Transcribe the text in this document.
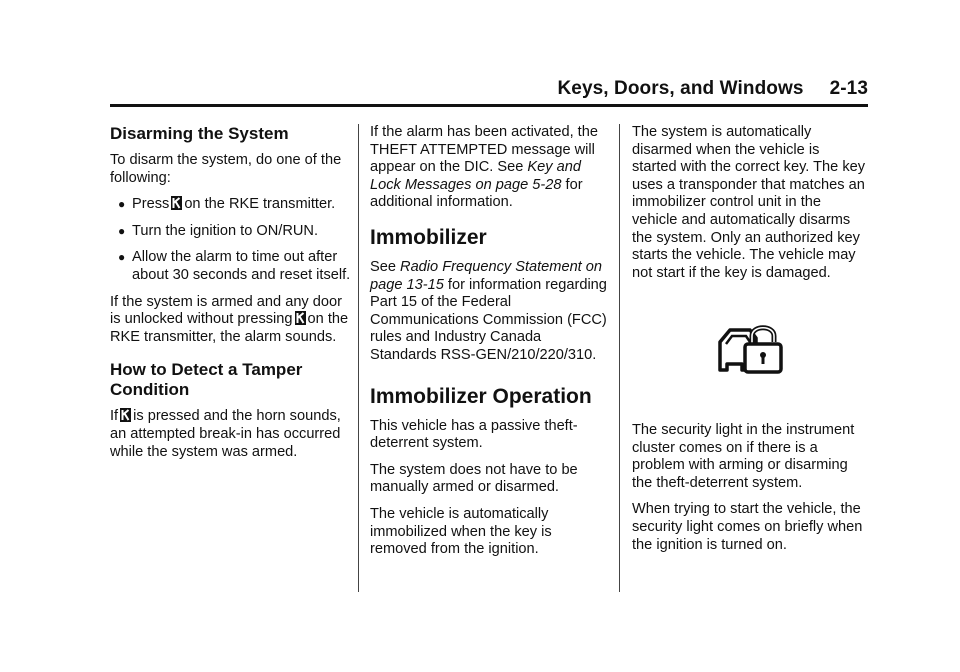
Keys, Doors, and Windows 2-13
Disarming the System

To disarm the system, do one of the following:

● Press on the RKE transmitter.
● Turn the ignition to ON/RUN.
● Allow the alarm to time out after about 30 seconds and reset itself.

If the system is armed and any door is unlocked without pressing on the RKE transmitter, the alarm sounds.

How to Detect a Tamper Condition

If is pressed and the horn sounds, an attempted break-in has occurred while the system was armed.

If the alarm has been activated, the THEFT ATTEMPTED message will appear on the DIC. See Key and Lock Messages on page 5-28 for additional information.

Immobilizer

See Radio Frequency Statement on page 13-15 for information regarding Part 15 of the Federal Communications Commission (FCC) rules and Industry Canada Standards RSS-GEN/210/220/310.

Immobilizer Operation

This vehicle has a passive theft-deterrent system.

The system does not have to be manually armed or disarmed.

The vehicle is automatically immobilized when the key is removed from the ignition.

The system is automatically disarmed when the vehicle is started with the correct key. The key uses a transponder that matches an immobilizer control unit in the vehicle and automatically disarms the system. Only an authorized key starts the vehicle. The vehicle may not start if the key is damaged.

The security light in the instrument cluster comes on if there is a problem with arming or disarming the theft-deterrent system.

When trying to start the vehicle, the security light comes on briefly when the ignition is turned on.
